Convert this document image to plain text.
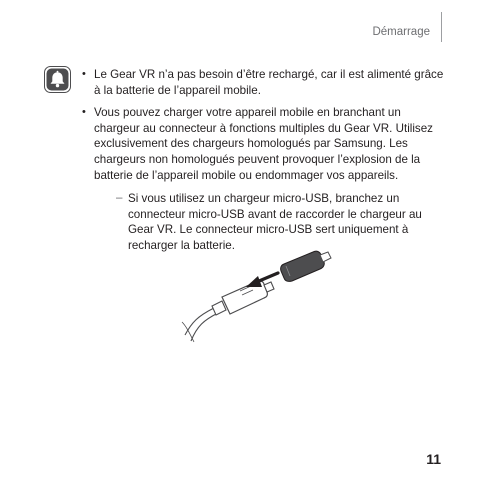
Démarrage
• Le Gear VR n’a pas besoin d’être rechargé, car il est alimenté grâce à la batterie de l’appareil mobile.
• Vous pouvez charger votre appareil mobile en branchant un chargeur au connecteur à fonctions multiples du Gear VR. Utilisez exclusivement des chargeurs homologués par Samsung. Les chargeurs non homologués peuvent provoquer l’explosion de la batterie de l’appareil mobile ou endommager vos appareils.
– Si vous utilisez un chargeur micro-USB, branchez un connecteur micro-USB avant de raccorder le chargeur au Gear VR. Le connecteur micro-USB sert uniquement à recharger la batterie.
11
